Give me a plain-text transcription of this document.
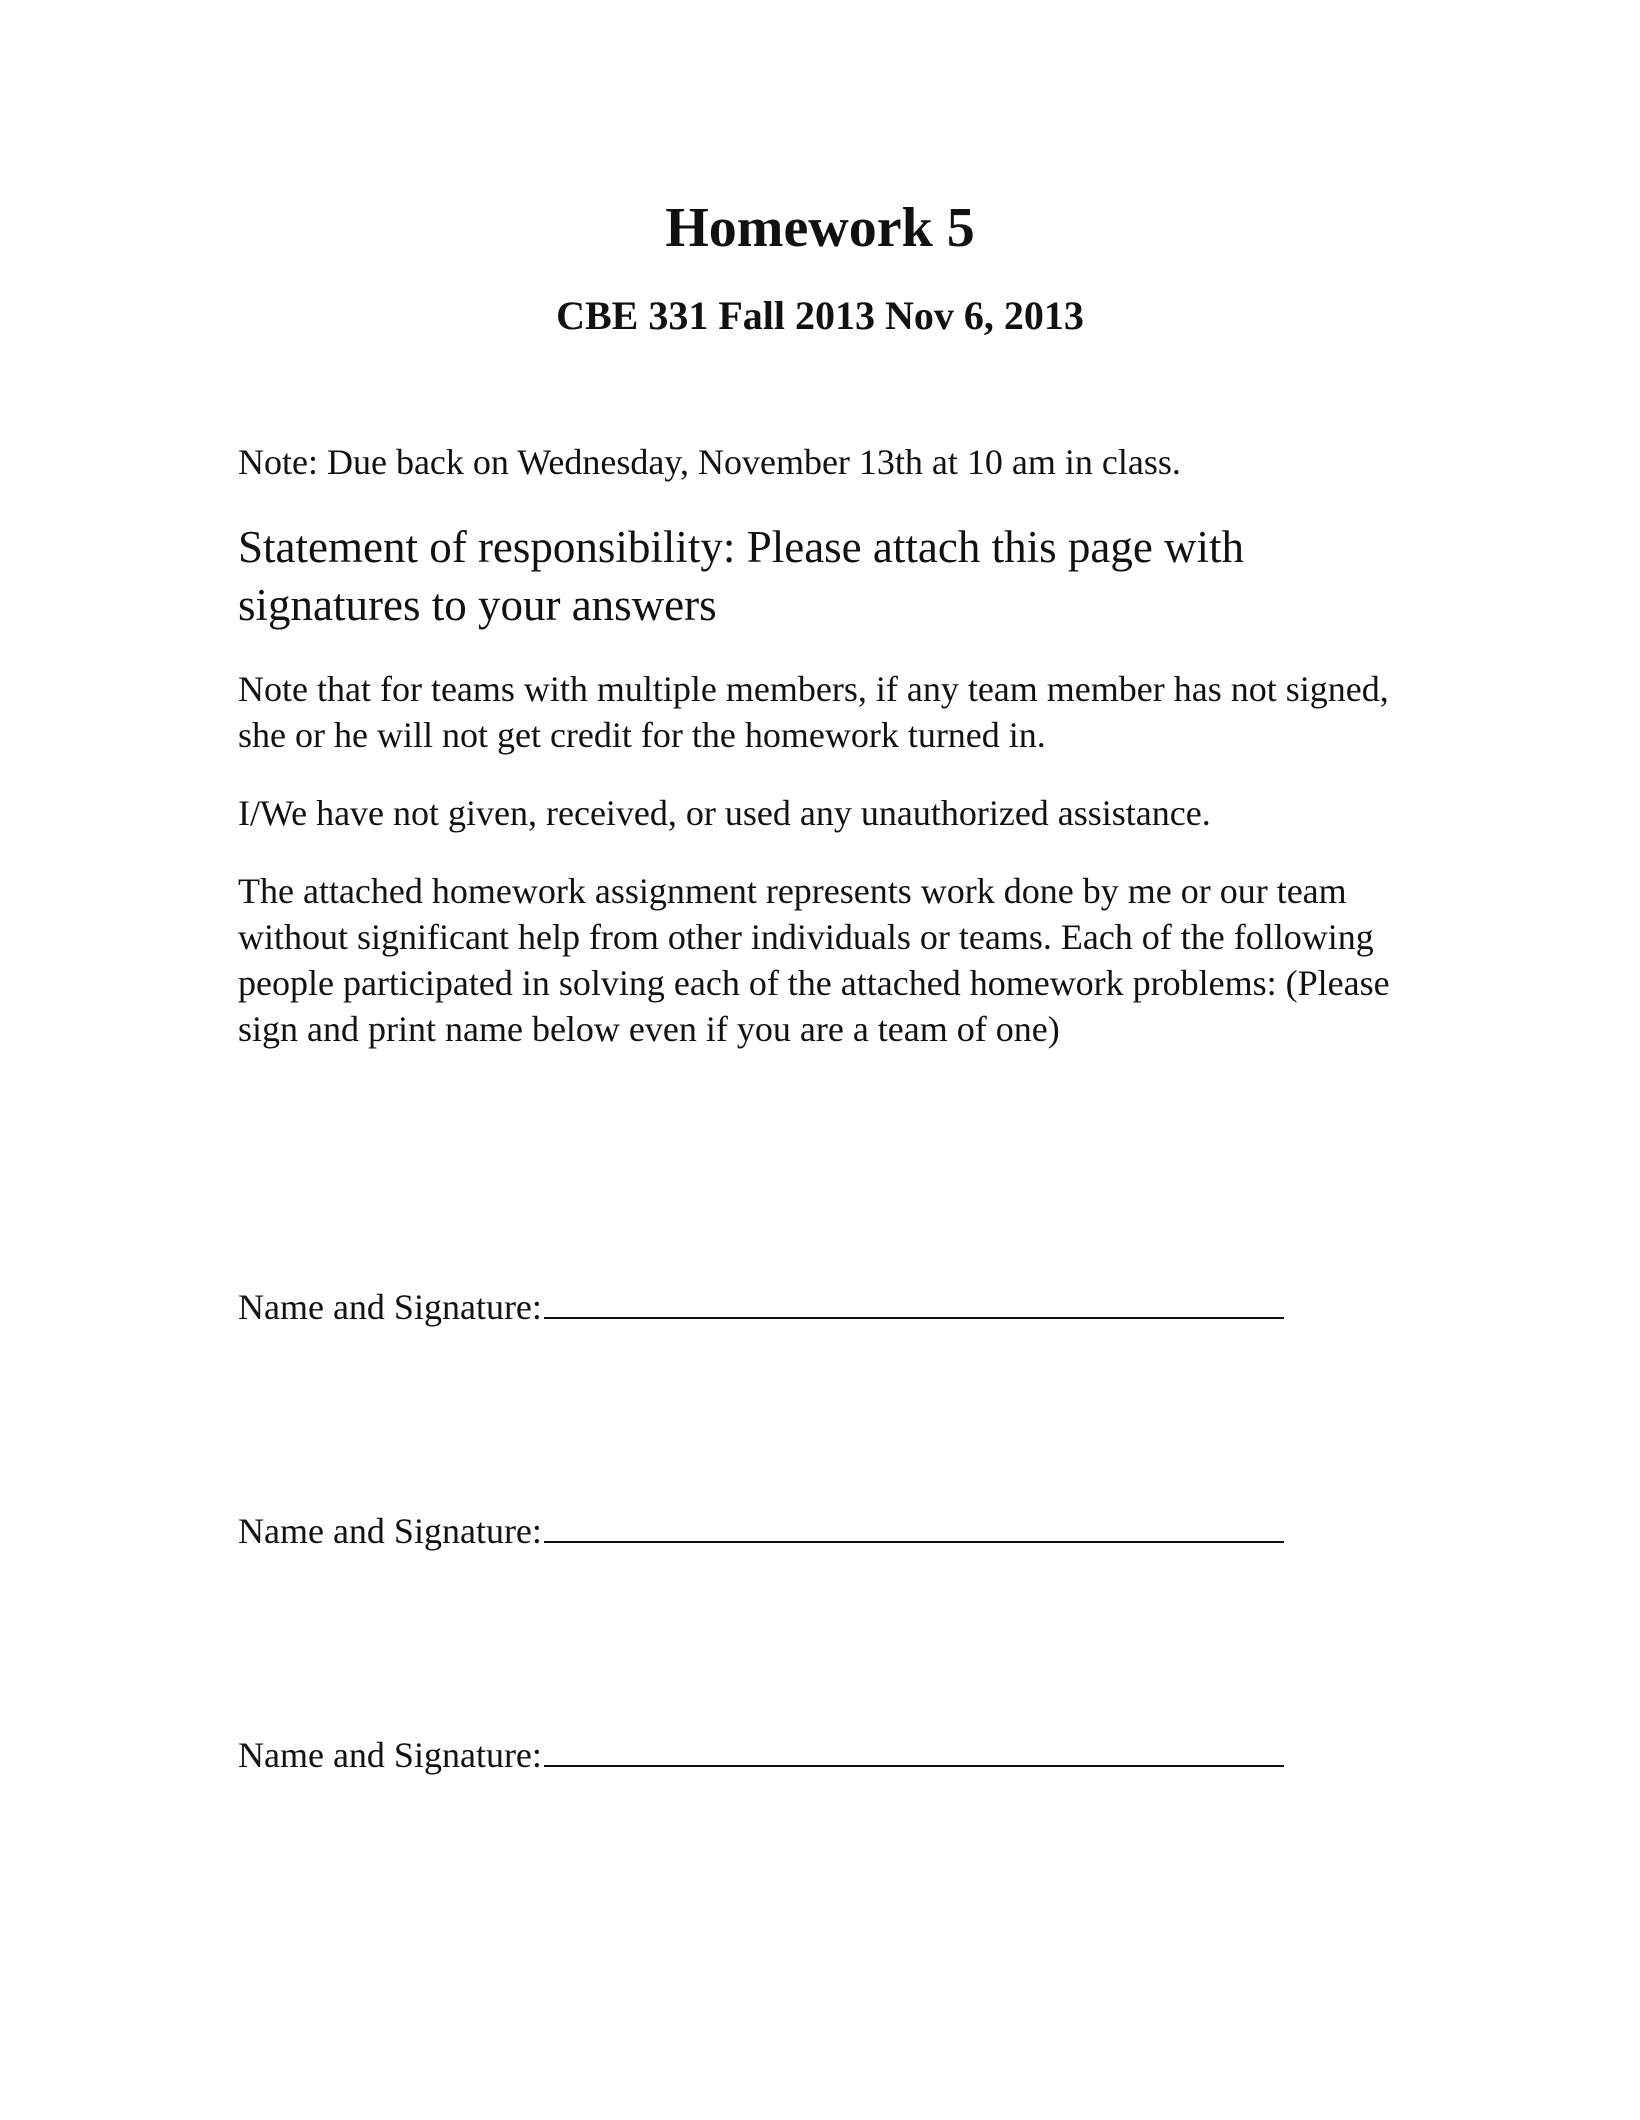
Homework 5
CBE 331 Fall 2013 Nov 6, 2013
Note: Due back on Wednesday, November 13th at 10 am in class.
Statement of responsibility: Please attach this page with signatures to your answers
Note that for teams with multiple members, if any team member has not signed, she or he will not get credit for the homework turned in.
I/We have not given, received, or used any unauthorized assistance.
The attached homework assignment represents work done by me or our team without significant help from other individuals or teams. Each of the following people participated in solving each of the attached homework problems: (Please sign and print name below even if you are a team of one)
Name and Signature:
Name and Signature:
Name and Signature:
